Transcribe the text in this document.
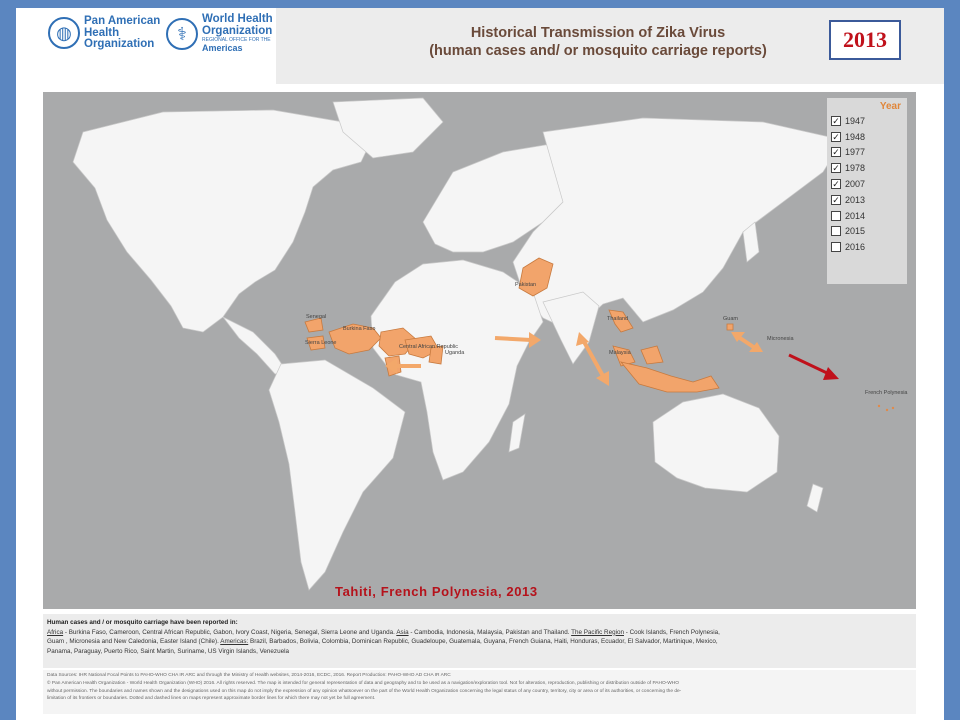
◍
Pan American
Health
Organization
⚕
World Health
Organization
REGIONAL OFFICE FOR THE
Americas
Historical Transmission of Zika Virus
(human cases and/ or mosquito carriage reports)	2013
Senegal
Sierra Leone
Burkina Faso
Central African Republic
Uganda
Pakistan
Thailand
Malaysia
Guam
Micronesia
French Polynesia
Year
✓ 1947
✓ 1948
✓ 1977
✓ 1978
✓ 2007
✓ 2013
2014
2015
2016
Tahiti, French Polynesia, 2013
Human cases and / or mosquito carriage have been reported in:
Africa - Burkina Faso, Cameroon, Central African Republic, Gabon, Ivory Coast, Nigeria, Senegal, Sierra Leone and Uganda. Asia - Cambodia, Indonesia, Malaysia, Pakistan and Thailand. The Pacific Region - Cook Islands, French Polynesia,
Guam , Micronesia and New Caledonia, Easter Island (Chile). Americas: Brazil, Barbados, Bolivia, Colombia, Dominican Republic, Guadeloupe, Guatemala, Guyana, French Guiana, Haiti, Honduras, Ecuador, El Salvador, Martinique, Mexico,
Panama, Paraguay, Puerto Rico, Saint Martin, Suriname, US Virgin Islands, Venezuela
Data Sources: IHR National Focal Points to PAHO-WHO CHA IR ARC and through the Ministry of Health websites, 2014-2016, ECDC, 2016. Report Production: PAHO-WHO AD CHA IR ARC
© Pan American Health Organization - World Health Organization (WHO) 2016. All rights reserved. The map is intended for general representation of data and geography and to be used as a navigation/exploration tool. Not for alteration, reproduction, publishing or distribution outside of PAHO-WHO
without permission. The boundaries and names shown and the designations used on this map do not imply the expression of any opinion whatsoever on the part of the World Health Organization concerning the legal status of any country, territory, city or area or of its authorities, or concerning the de-
limitation of its frontiers or boundaries. Dotted and dashed lines on maps represent approximate border lines for which there may not yet be full agreement.
